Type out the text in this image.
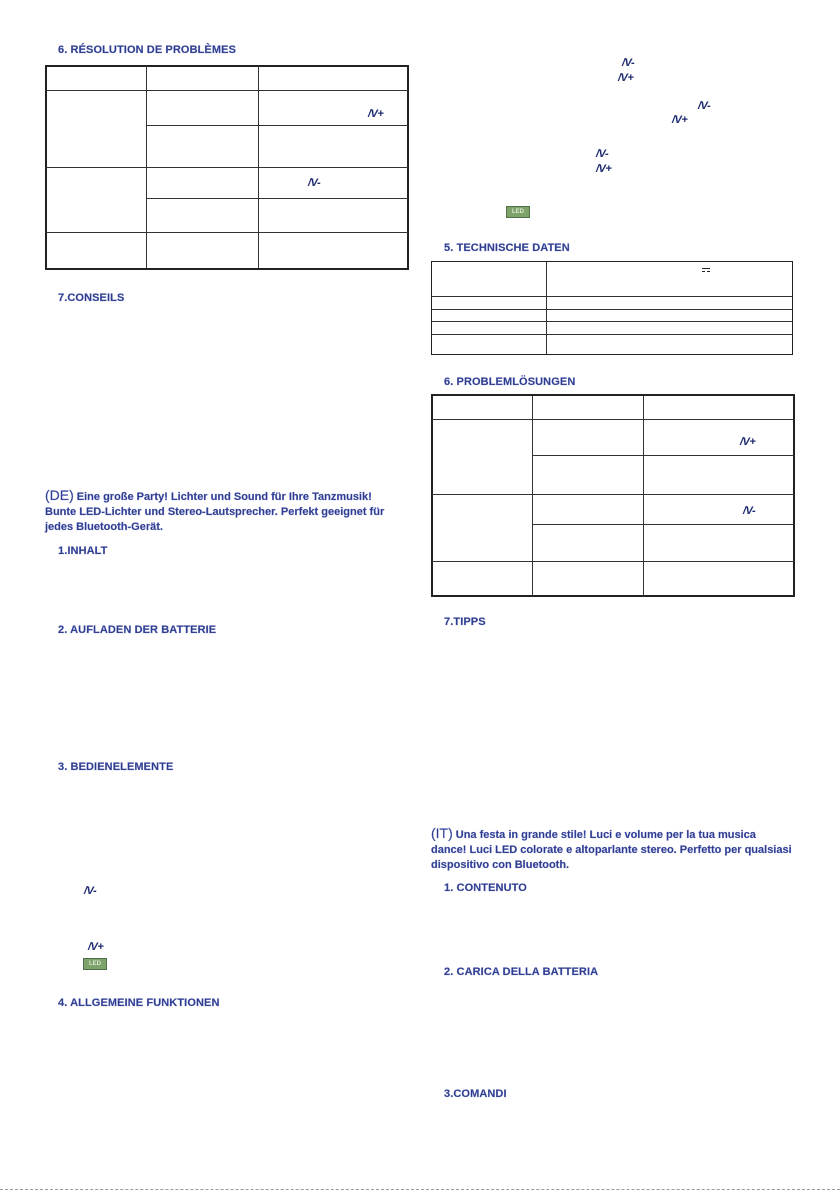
6. RÉSOLUTION DE PROBLÈMES
/V+
/V-
7.CONSEILS
(DE) Eine große Party! Lichter und Sound für Ihre Tanzmusik! Bunte LED-Lichter und Stereo-Lautsprecher. Perfekt geeignet für jedes Bluetooth-Gerät.
1.INHALT
2. AUFLADEN DER BATTERIE
3. BEDIENELEMENTE
/V-
/V+
LED
4. ALLGEMEINE FUNKTIONEN
/V-
/V+
/V-
/V+
/V-
/V+
LED
5. TECHNISCHE DATEN
6. PROBLEMLÖSUNGEN
/V+
/V-
7.TIPPS
(IT) Una festa in grande stile! Luci e volume per la tua musica dance! Luci LED colorate e altoparlante stereo. Perfetto per qualsiasi dispositivo con Bluetooth.
1. CONTENUTO
2. CARICA DELLA BATTERIA
3.COMANDI
